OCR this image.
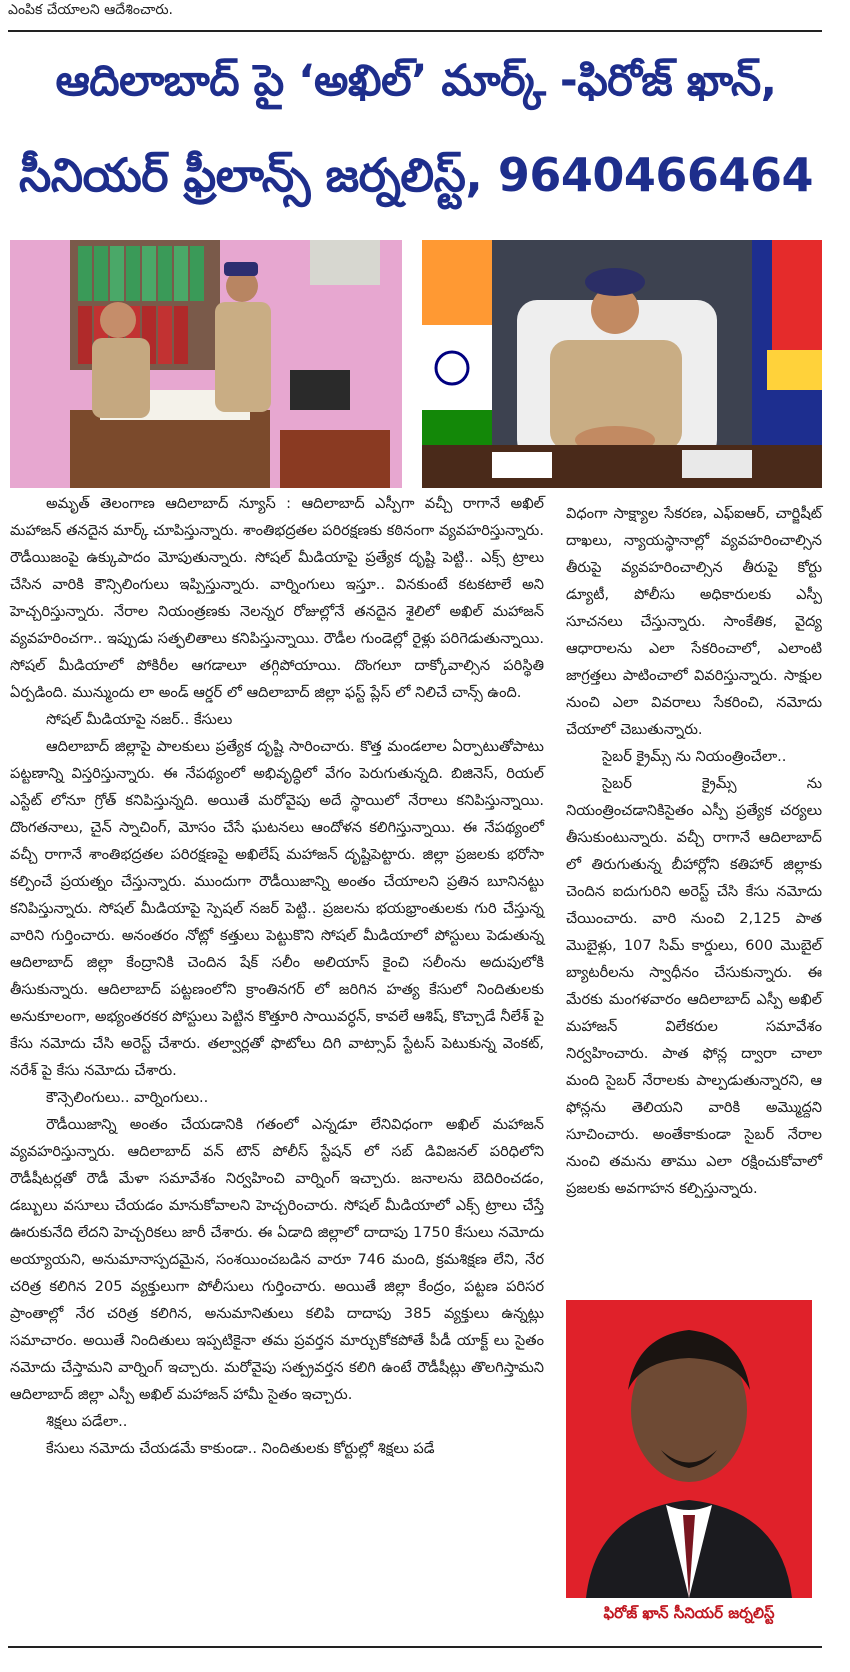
ఎంపిక చేయాలని ఆదేశించారు.
ఆదిలాబాద్ పై ‘అఖిల్’ మార్క్ -ఫిరోజ్ ఖాన్,
సీనియర్ ఫ్రీలాన్స్ జర్నలిస్ట్, 9640466464

అమృత్ తెలంగాణ ఆదిలాబాద్ న్యూస్ : ఆదిలాబాద్ ఎస్పీగా వచ్చీ రాగానే అఖిల్ మహాజన్ తనదైన మార్క్ చూపిస్తున్నారు. శాంతిభద్రతల పరిరక్షణకు కఠినంగా వ్యవహరిస్తున్నారు. రౌడీయిజంపై ఉక్కుపాదం మోపుతున్నారు. సోషల్ మీడియాపై ప్రత్యేక దృష్టి పెట్టి.. ఎక్స్ ట్రాలు చేసిన వారికి కౌన్సిలింగులు ఇప్పిస్తున్నారు. వార్నింగులు ఇస్తూ.. వినకుంటే కటకటాలే అని హెచ్చరిస్తున్నారు. నేరాల నియంత్రణకు నెలన్నర రోజుల్లోనే తనదైన శైలిలో అఖిల్ మహాజన్ వ్యవహరించగా.. ఇప్పుడు సత్ఫలితాలు కనిపిస్తున్నాయి. రౌడీల గుండెల్లో రైళ్లు పరిగెడుతున్నాయి. సోషల్ మీడియాలో పోకిరీల ఆగడాలూ తగ్గిపోయాయి. దొంగలూ దాక్కోవాల్సిన పరిస్థితి ఏర్పడింది. మున్ముందు లా అండ్ ఆర్డర్ లో ఆదిలాబాద్ జిల్లా ఫస్ట్ ప్లేస్ లో నిలిచే చాన్స్ ఉంది.

సోషల్ మీడియాపై నజర్.. కేసులు

ఆదిలాబాద్ జిల్లాపై పాలకులు ప్రత్యేక దృష్టి సారించారు. కొత్త మండలాల ఏర్పాటుతోపాటు పట్టణాన్ని విస్తరిస్తున్నారు. ఈ నేపథ్యంలో అభివృద్ధిలో వేగం పెరుగుతున్నది. బిజినెస్, రియల్ ఎస్టేట్ లోనూ గ్రోత్ కనిపిస్తున్నది. అయితే మరోవైపు అదే స్థాయిలో నేరాలు కనిపిస్తున్నాయి. దొంగతనాలు, చైన్ స్నాచింగ్, మోసం చేసే ఘటనలు ఆందోళన కలిగిస్తున్నాయి. ఈ నేపథ్యంలో వచ్చీ రాగానే శాంతిభద్రతల పరిరక్షణపై అఖిలేష్ మహాజన్ దృష్టిపెట్టారు. జిల్లా ప్రజలకు భరోసా కల్పించే ప్రయత్నం చేస్తున్నారు. ముందుగా రౌడీయిజాన్ని అంతం చేయాలని ప్రతిన బూనినట్టు కనిపిస్తున్నారు. సోషల్ మీడియాపై స్పెషల్ నజర్ పెట్టి.. ప్రజలను భయభ్రాంతులకు గురి చేస్తున్న వారిని గుర్తించారు. అనంతరం నోట్లో కత్తులు పెట్టుకొని సోషల్ మీడియాలో పోస్టులు పెడుతున్న ఆదిలాబాద్ జిల్లా కేంద్రానికి చెందిన షేక్ సలీం అలియాస్ కైంచి సలీంను అదుపులోకి తీసుకున్నారు. ఆదిలాబాద్ పట్టణంలోని క్రాంతినగర్ లో జరిగిన హత్య కేసులో నిందితులకు అనుకూలంగా, అభ్యంతరకర పోస్టులు పెట్టిన కొత్తూరి సాయివర్ధన్, కావలే ఆశిష్, కొచ్చాడే నీలేశ్ పై కేసు నమోదు చేసి అరెస్ట్ చేశారు. తల్వార్లతో ఫొటోలు దిగి వాట్సాప్ స్టేటస్ పెటుకున్న వెంకట్, నరేశ్ పై కేసు నమోదు చేశారు.

కౌన్సెలింగులు.. వార్నింగులు..

రౌడీయిజాన్ని అంతం చేయడానికి గతంలో ఎన్నడూ లేనివిధంగా అఖిల్ మహాజన్ వ్యవహరిస్తున్నారు. ఆదిలాబాద్ వన్ టౌన్ పోలీస్ స్టేషన్ లో సబ్ డివిజనల్ పరిధిలోని రౌడీషీటర్లతో రౌడీ మేళా సమావేశం నిర్వహించి వార్నింగ్ ఇచ్చారు. జనాలను బెదిరించడం, డబ్బులు వసూలు చేయడం మానుకోవాలని హెచ్చరించారు. సోషల్ మీడియాలో ఎక్స్ ట్రాలు చేస్తే ఊరుకునేది లేదని హెచ్చరికలు జారీ చేశారు. ఈ ఏడాది జిల్లాలో దాదాపు 1750 కేసులు నమోదు అయ్యాయని, అనుమానాస్పదమైన, సంశయించబడిన వారూ 746 మంది, క్రమశిక్షణ లేని, నేర చరిత్ర కలిగిన 205 వ్యక్తులుగా పోలీసులు గుర్తించారు. అయితే జిల్లా కేంద్రం, పట్టణ పరిసర ప్రాంతాల్లో నేర చరిత్ర కలిగిన, అనుమానితులు కలిపి దాదాపు 385 వ్యక్తులు ఉన్నట్లు సమాచారం. అయితే నిందితులు ఇప్పటికైనా తమ ప్రవర్తన మార్చుకోకపోతే పీడీ యాక్ట్ లు సైతం నమోదు చేస్తామని వార్నింగ్ ఇచ్చారు. మరోవైపు సత్ప్రవర్తన కలిగి ఉంటే రౌడీషీట్లు తొలగిస్తామని ఆదిలాబాద్ జిల్లా ఎస్పీ అఖిల్ మహాజన్ హామీ సైతం ఇచ్చారు.

శిక్షలు పడేలా..

కేసులు నమోదు చేయడమే కాకుండా.. నిందితులకు కోర్టుల్లో శిక్షలు పడే

విధంగా సాక్ష్యాల సేకరణ, ఎఫ్ఐఆర్, చార్జిషీట్ దాఖలు, న్యాయస్థానాల్లో వ్యవహరించాల్సిన తీరుపై వ్యవహరించాల్సిన తీరుపై కోర్టు డ్యూటీ, పోలీసు అధికారులకు ఎస్పీ సూచనలు చేస్తున్నారు. సాంకేతిక, వైద్య ఆధారాలను ఎలా సేకరించాలో, ఎలాంటి జాగ్రత్తలు పాటించాలో వివరిస్తున్నారు. సాక్షుల నుంచి ఎలా వివరాలు సేకరించి, నమోదు చేయాలో చెబుతున్నారు.

సైబర్ క్రైమ్స్ ను నియంత్రించేలా..

సైబర్ క్రైమ్స్ ను నియంత్రించడానికిసైతం ఎస్పీ ప్రత్యేక చర్యలు తీసుకుంటున్నారు. వచ్చీ రాగానే ఆదిలాబాద్ లో తిరుగుతున్న బీహార్లోని కతిహార్ జిల్లాకు చెందిన ఐదుగురిని అరెస్ట్ చేసి కేసు నమోదు చేయించారు. వారి నుంచి 2,125 పాత మొబైళ్లు, 107 సిమ్ కార్డులు, 600 మొబైల్ బ్యాటరీలను స్వాధీనం చేసుకున్నారు. ఈ మేరకు మంగళవారం ఆదిలాబాద్ ఎస్పీ అఖిల్ మహాజన్ విలేకరుల సమావేశం నిర్వహించారు. పాత ఫోన్ల ద్వారా చాలా మంది సైబర్ నేరాలకు పాల్పడుతున్నారని, ఆ ఫోన్లను తెలియని వారికి అమ్మొద్దని సూచించారు. అంతేకాకుండా సైబర్ నేరాల నుంచి తమను తాము ఎలా రక్షించుకోవాలో ప్రజలకు అవగాహన కల్పిస్తున్నారు.

ఫిరోజ్ ఖాన్ సీనియర్ జర్నలిస్ట్
